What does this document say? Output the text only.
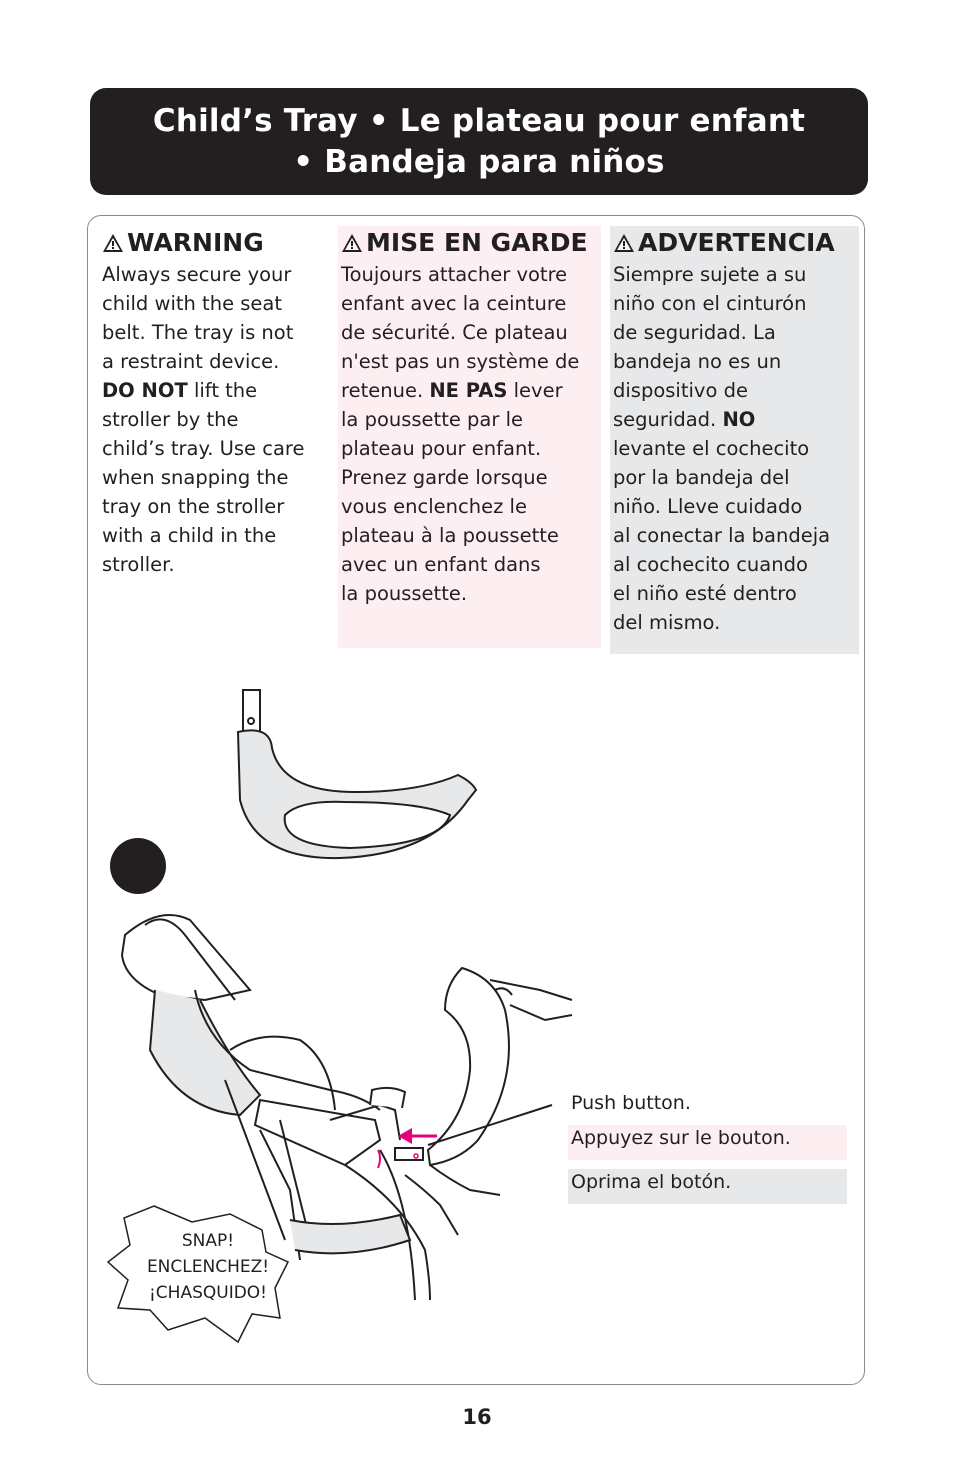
Child’s Tray • Le plateau pour enfant
• Bandeja para niños
WARNING

Always secure your
child with the seat
belt. The tray is not
a restraint device.
DO NOT lift the
stroller by the
child’s tray. Use care
when snapping the
tray on the stroller
with a child in the
stroller.

MISE EN GARDE

Toujours attacher votre
enfant avec la ceinture
de sécurité. Ce plateau
n'est pas un système de
retenue. NE PAS lever
la poussette par le
plateau pour enfant.
Prenez garde lorsque
vous enclenchez le
plateau à la poussette
avec un enfant dans
la poussette.

ADVERTENCIA

Siempre sujete a su
niño con el cinturón
de seguridad. La
bandeja no es un
dispositivo de
seguridad. NO
levante el cochecito
por la bandeja del
niño. Lleve cuidado
al conectar la bandeja
al cochecito cuando
el niño esté dentro
del mismo.

Push button.
Appuyez sur le bouton.
Oprima el botón.
SNAP!
ENCLENCHEZ!
¡CHASQUIDO!
16
